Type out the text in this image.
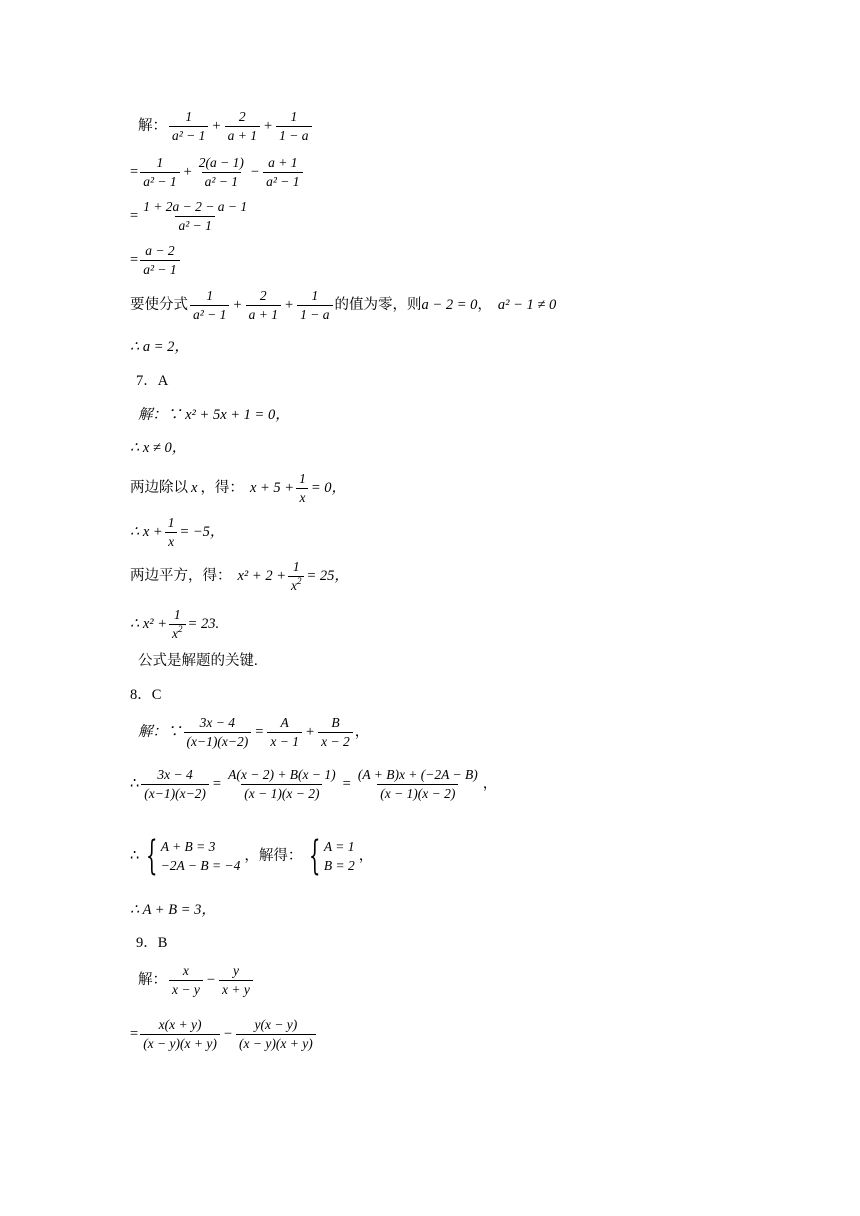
解： $\frac{1}{\text{a² − 1}} + \frac{2}{a + 1} + \frac{1}{1 - a}$
= $\frac{1}{\text{a² − 1}} + \frac{2(a - 1)}{\text{a² − 1}} - \frac{a + 1}{\text{a² − 1}}$
= $\frac{1 + 2a - 2 - a - 1}{\text{a² − 1}}$
= $\frac{a - 2}{\text{a² − 1}}$
要使分式 $\frac{1}{\text{a² − 1}} + \frac{2}{a + 1} + \frac{1}{1 - a}$ 的值为零，则 a − 2 = 0 ， a² − 1 ≠ 0
∴ a = 2，
7．A
解：∵ x² + 5x + 1 = 0，
∴ x ≠ 0，
两边除以 x ，得： $x + 5 + \frac{1}{x} = 0$，
∴ $x + \frac{1}{x} = -5$，
两边平方，得： $x^2 + 2 + \frac{1}{x^2} = 25$，
∴ $x^2 + \frac{1}{x^2} = 23$.
公式是解题的关键.
8．C
解：∵ $\frac{3x - 4}{(x-1)(x-2)} = \frac{A}{x - 1} + \frac{B}{x - 2}$ ，
∴ $\frac{3x - 4}{(x-1)(x-2)} = \frac{A(x - 2) + B(x - 1)}{(x - 1)(x - 2)} = \frac{(A + B)x + (-2A - B)}{(x - 1)(x - 2)}$ ，
∴ { A + B = 3
−2A − B = −4
，解得： { A = 1
B = 2
，
∴ A + B = 3，
9．B
解： $\frac{x}{x - y} - \frac{y}{x + y}$
= $\frac{x(x + y)}{(x - y)(x + y)} - \frac{y(x - y)}{(x - y)(x + y)}$
